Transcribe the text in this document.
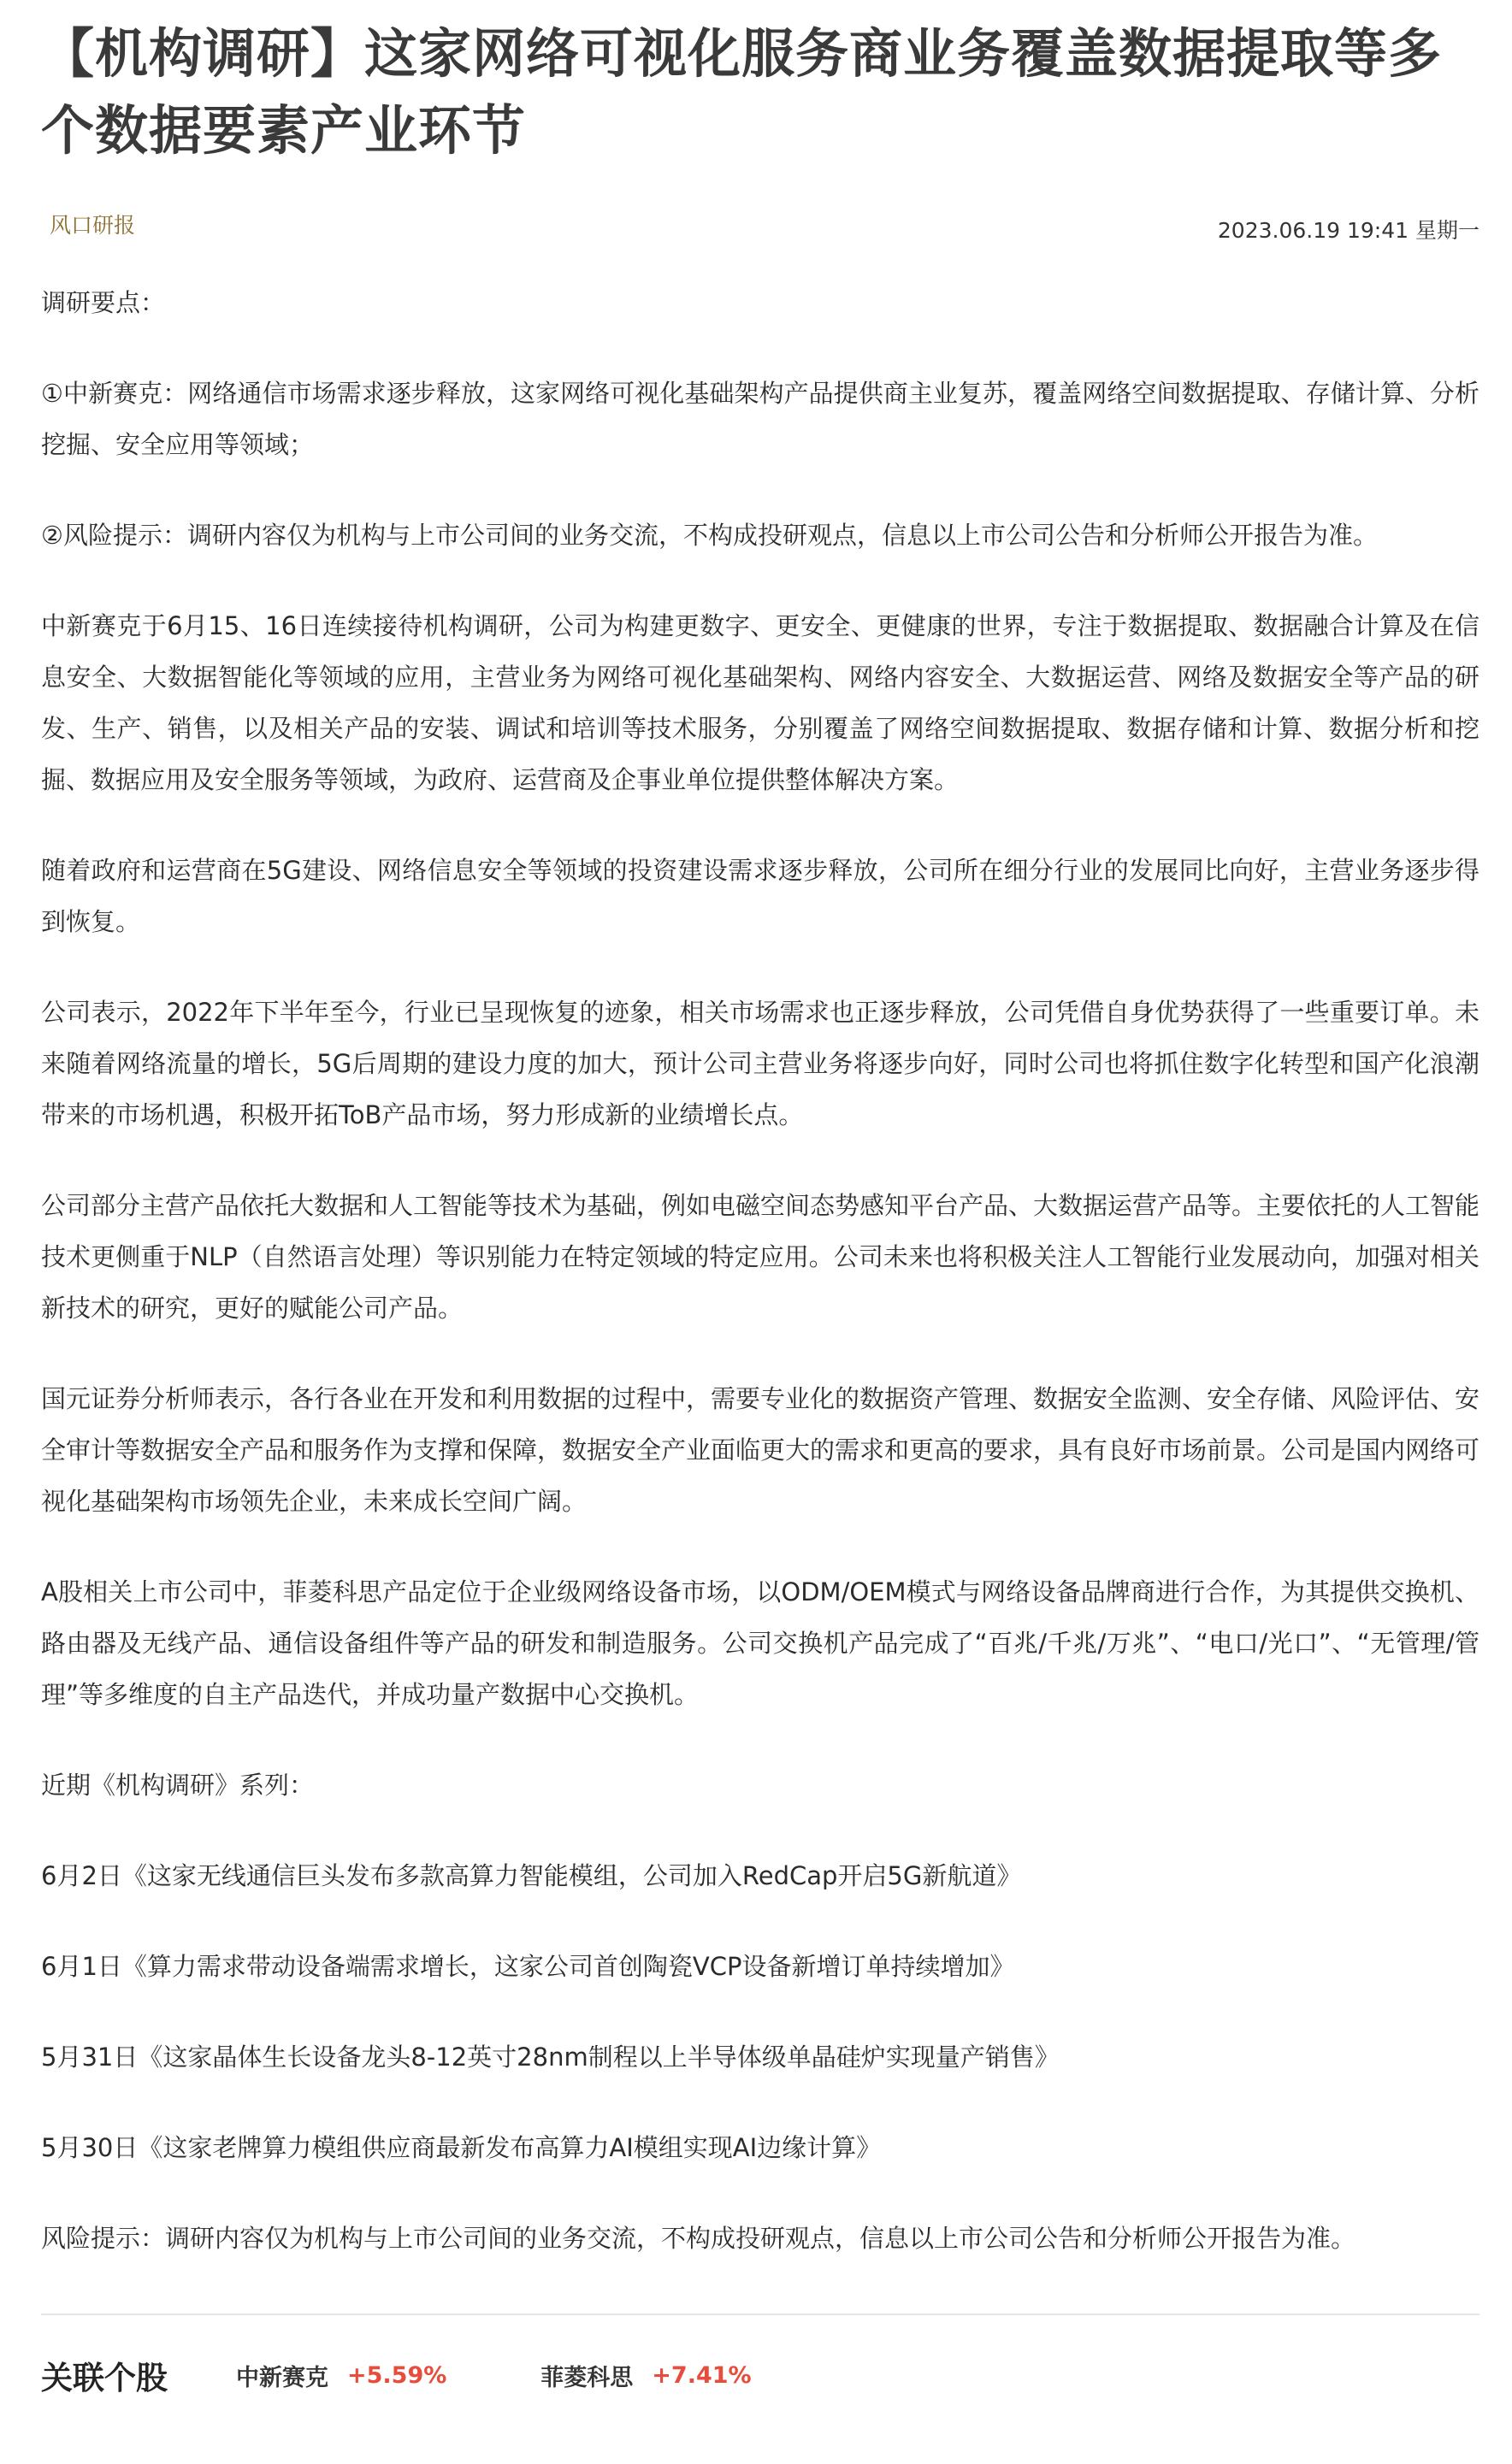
【机构调研】这家网络可视化服务商业务覆盖数据提取等多个数据要素产业环节
风口研报	2023.06.19 19:41 星期一

调研要点：

①中新赛克：网络通信市场需求逐步释放，这家网络可视化基础架构产品提供商主业复苏，覆盖网络空间数据提取、存储计算、分析挖掘、安全应用等领域；

②风险提示：调研内容仅为机构与上市公司间的业务交流，不构成投研观点，信息以上市公司公告和分析师公开报告为准。

中新赛克于6月15、16日连续接待机构调研，公司为构建更数字、更安全、更健康的世界，专注于数据提取、数据融合计算及在信息安全、大数据智能化等领域的应用，主营业务为网络可视化基础架构、网络内容安全、大数据运营、网络及数据安全等产品的研发、生产、销售，以及相关产品的安装、调试和培训等技术服务，分别覆盖了网络空间数据提取、数据存储和计算、数据分析和挖掘、数据应用及安全服务等领域，为政府、运营商及企事业单位提供整体解决方案。

随着政府和运营商在5G建设、网络信息安全等领域的投资建设需求逐步释放，公司所在细分行业的发展同比向好，主营业务逐步得到恢复。

公司表示，2022年下半年至今，行业已呈现恢复的迹象，相关市场需求也正逐步释放，公司凭借自身优势获得了一些重要订单。未来随着网络流量的增长，5G后周期的建设力度的加大，预计公司主营业务将逐步向好，同时公司也将抓住数字化转型和国产化浪潮带来的市场机遇，积极开拓ToB产品市场，努力形成新的业绩增长点。

公司部分主营产品依托大数据和人工智能等技术为基础，例如电磁空间态势感知平台产品、大数据运营产品等。主要依托的人工智能技术更侧重于NLP（自然语言处理）等识别能力在特定领域的特定应用。公司未来也将积极关注人工智能行业发展动向，加强对相关新技术的研究，更好的赋能公司产品。

国元证券分析师表示，各行各业在开发和利用数据的过程中，需要专业化的数据资产管理、数据安全监测、安全存储、风险评估、安全审计等数据安全产品和服务作为支撑和保障，数据安全产业面临更大的需求和更高的要求，具有良好市场前景。公司是国内网络可视化基础架构市场领先企业，未来成长空间广阔。

A股相关上市公司中，菲菱科思产品定位于企业级网络设备市场，以ODM/OEM模式与网络设备品牌商进行合作，为其提供交换机、路由器及无线产品、通信设备组件等产品的研发和制造服务。公司交换机产品完成了“百兆/千兆/万兆”、“电口/光口”、“无管理/管理”等多维度的自主产品迭代，并成功量产数据中心交换机。

近期《机构调研》系列：

6月2日《这家无线通信巨头发布多款高算力智能模组，公司加入RedCap开启5G新航道》

6月1日《算力需求带动设备端需求增长，这家公司首创陶瓷VCP设备新增订单持续增加》

5月31日《这家晶体生长设备龙头8-12英寸28nm制程以上半导体级单晶硅炉实现量产销售》

5月30日《这家老牌算力模组供应商最新发布高算力AI模组实现AI边缘计算》

风险提示：调研内容仅为机构与上市公司间的业务交流，不构成投研观点，信息以上市公司公告和分析师公开报告为准。

关联个股	中新赛克 +5.59%	菲菱科思 +7.41%
